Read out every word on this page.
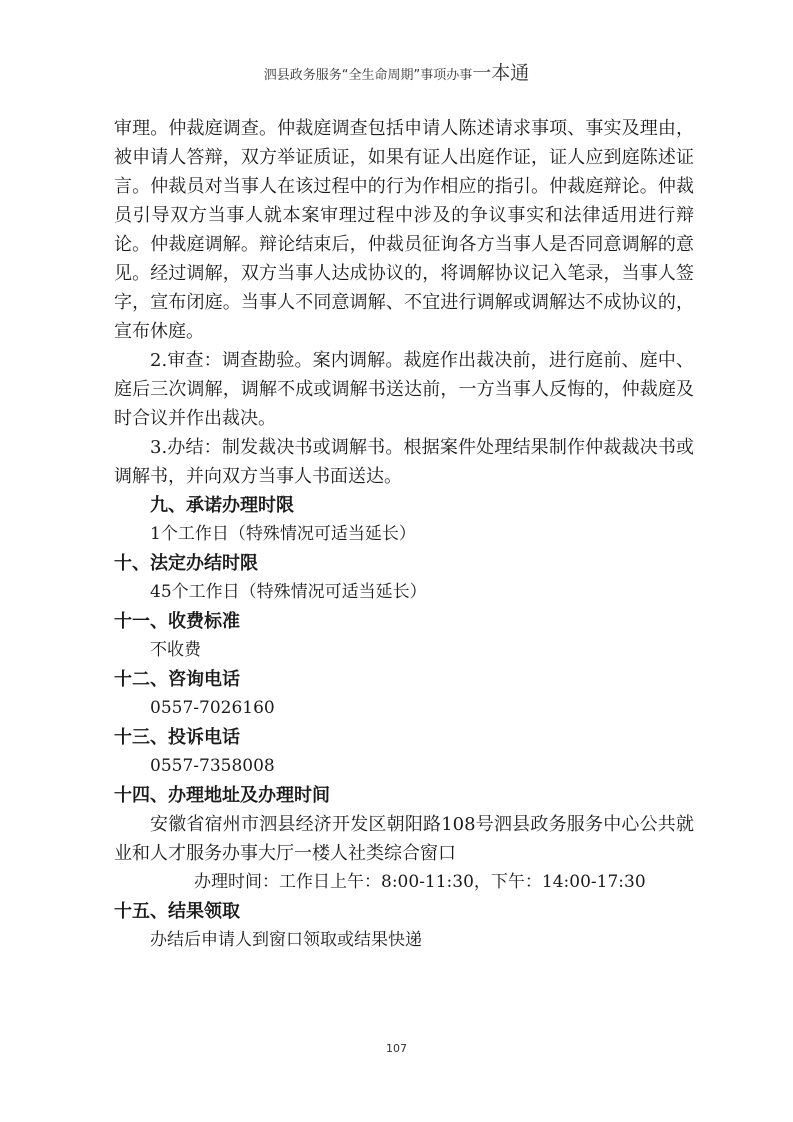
泗县政务服务“全生命周期”事项办事一本通

审理。仲裁庭调查。仲裁庭调查包括申请人陈述请求事项、事实及理由，被申请人答辩，双方举证质证，如果有证人出庭作证，证人应到庭陈述证言。仲裁员对当事人在该过程中的行为作相应的指引。仲裁庭辩论。仲裁员引导双方当事人就本案审理过程中涉及的争议事实和法律适用进行辩论。仲裁庭调解。辩论结束后，仲裁员征询各方当事人是否同意调解的意见。经过调解，双方当事人达成协议的，将调解协议记入笔录，当事人签字，宣布闭庭。当事人不同意调解、不宜进行调解或调解达不成协议的，宣布休庭。

2.审查：调查勘验。案内调解。裁庭作出裁决前，进行庭前、庭中、庭后三次调解，调解不成或调解书送达前，一方当事人反悔的，仲裁庭及时合议并作出裁决。

3.办结：制发裁决书或调解书。根据案件处理结果制作仲裁裁决书或调解书，并向双方当事人书面送达。

九、承诺办理时限

1个工作日（特殊情况可适当延长）

十、法定办结时限

45个工作日（特殊情况可适当延长）

十一、收费标准

不收费

十二、咨询电话

0557-7026160

十三、投诉电话

0557-7358008

十四、办理地址及办理时间

安徽省宿州市泗县经济开发区朝阳路108号泗县政务服务中心公共就业和人才服务办事大厅一楼人社类综合窗口

办理时间：工作日上午：8:00-11:30，下午：14:00-17:30

十五、结果领取

办结后申请人到窗口领取或结果快递

107
